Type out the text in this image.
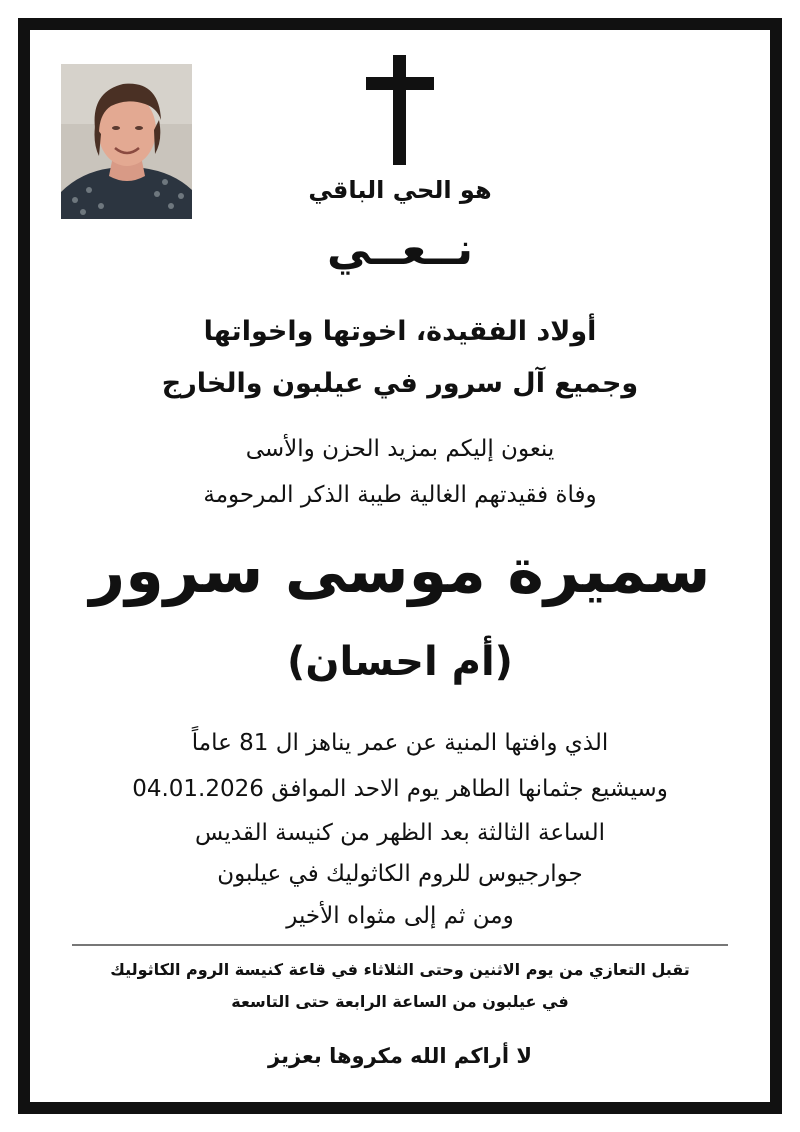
هو الحي الباقي
نــعــي
أولاد الفقيدة، اخوتها واخواتها
وجميع آل سرور في عيلبون والخارج
ينعون إليكم بمزيد الحزن والأسى
وفاة فقيدتهم الغالية طيبة الذكر المرحومة
سميرة موسى سرور
(أم احسان)
الذي وافتها المنية عن عمر يناهز ال 81 عاماً
وسيشيع جثمانها الطاهر يوم الاحد الموافق 04.01.2026
الساعة الثالثة بعد الظهر من كنيسة القديس
جوارجيوس للروم الكاثوليك في عيلبون
ومن ثم إلى مثواه الأخير
تقبل التعازي من يوم الاثنين وحتى الثلاثاء في قاعة كنيسة الروم الكاثوليك
في عيلبون من الساعة الرابعة حتى التاسعة
لا أراكم الله مكروها بعزيز
